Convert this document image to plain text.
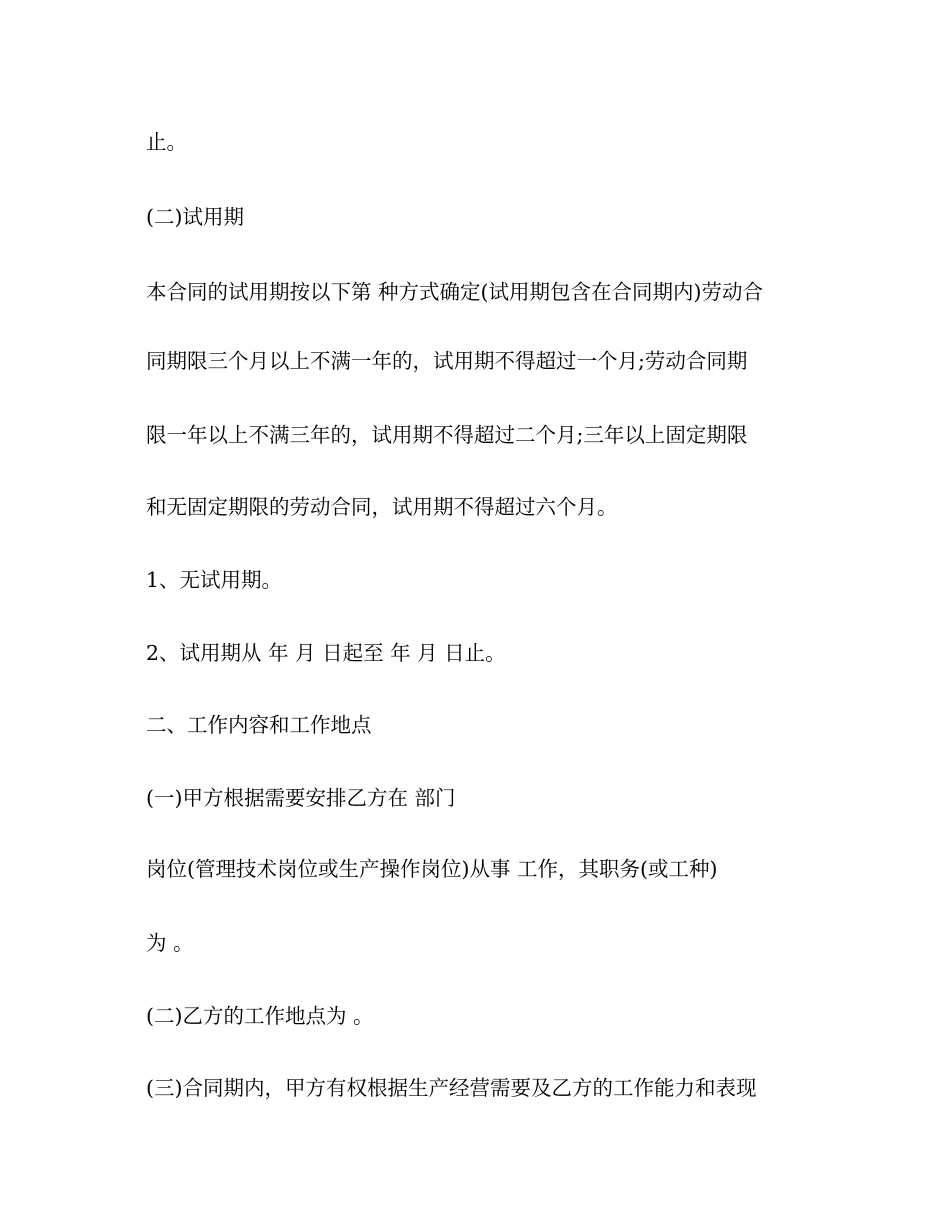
止。

(二)试用期

本合同的试用期按以下第 种方式确定(试用期包含在合同期内)劳动合

同期限三个月以上不满一年的，试用期不得超过一个月;劳动合同期

限一年以上不满三年的，试用期不得超过二个月;三年以上固定期限

和无固定期限的劳动合同，试用期不得超过六个月。

1、无试用期。

2、试用期从 年 月 日起至 年 月 日止。

二、工作内容和工作地点

(一)甲方根据需要安排乙方在 部门

岗位(管理技术岗位或生产操作岗位)从事 工作，其职务(或工种)

为 。

(二)乙方的工作地点为 。

(三)合同期内，甲方有权根据生产经营需要及乙方的工作能力和表现
